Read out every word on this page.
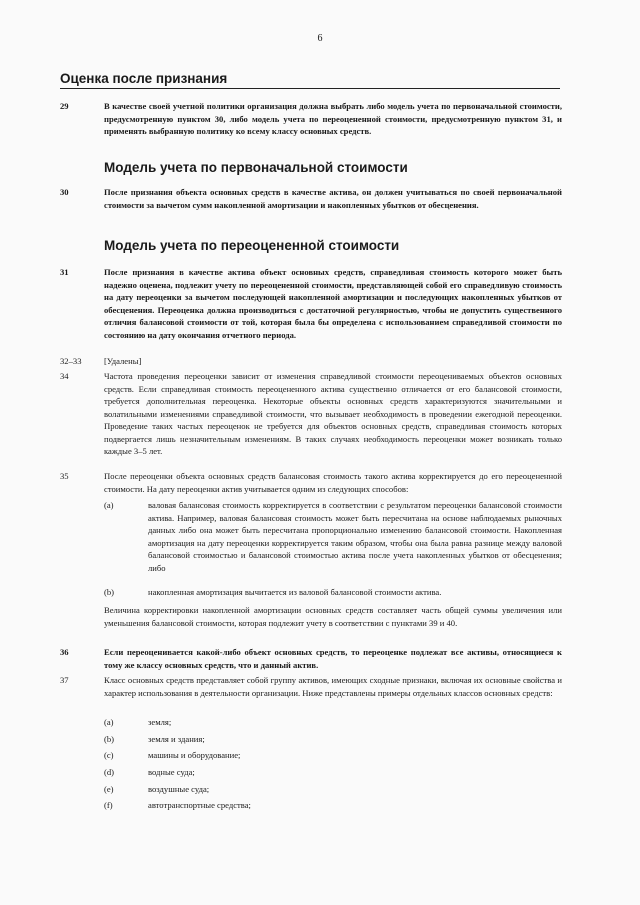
6
Оценка после признания
29	В качестве своей учетной политики организация должна выбрать либо модель учета по первоначальной стоимости, предусмотренную пунктом 30, либо модель учета по переоцененной стоимости, предусмотренную пунктом 31, и применять выбранную политику ко всему классу основных средств.
Модель учета по первоначальной стоимости
30	После признания объекта основных средств в качестве актива, он должен учитываться по своей первоначальной стоимости за вычетом сумм накопленной амортизации и накопленных убытков от обесценения.
Модель учета по переоцененной стоимости
31	После признания в качестве актива объект основных средств, справедливая стоимость которого может быть надежно оценена, подлежит учету по переоцененной стоимости, представляющей собой его справедливую стоимость на дату переоценки за вычетом последующей накопленной амортизации и последующих накопленных убытков от обесценения. Переоценка должна производиться с достаточной регулярностью, чтобы не допустить существенного отличия балансовой стоимости от той, которая была бы определена с использованием справедливой стоимости по состоянию на дату окончания отчетного периода.
32–33	[Удалены]
34	Частота проведения переоценки зависит от изменения справедливой стоимости переоцениваемых объектов основных средств. Если справедливая стоимость переоцененного актива существенно отличается от его балансовой стоимости, требуется дополнительная переоценка. Некоторые объекты основных средств характеризуются значительными и волатильными изменениями справедливой стоимости, что вызывает необходимость в проведении ежегодной переоценки. Проведение таких частых переоценок не требуется для объектов основных средств, справедливая стоимость которых подвергается лишь незначительным изменениям. В таких случаях необходимость переоценки может возникать только каждые 3–5 лет.
35	После переоценки объекта основных средств балансовая стоимость такого актива корректируется до его переоцененной стоимости. На дату переоценки актив учитывается одним из следующих способов:
(a)	валовая балансовая стоимость корректируется в соответствии с результатом переоценки балансовой стоимости актива. Например, валовая балансовая стоимость может быть пересчитана на основе наблюдаемых рыночных данных либо она может быть пересчитана пропорционально изменению балансовой стоимости. Накопленная амортизация на дату переоценки корректируется таким образом, чтобы она была равна разнице между валовой балансовой стоимостью и балансовой стоимостью актива после учета накопленных убытков от обесценения; либо
(b)	накопленная амортизация вычитается из валовой балансовой стоимости актива.
Величина корректировки накопленной амортизации основных средств составляет часть общей суммы увеличения или уменьшения балансовой стоимости, которая подлежит учету в соответствии с пунктами 39 и 40.
36	Если переоценивается какой-либо объект основных средств, то переоценке подлежат все активы, относящиеся к тому же классу основных средств, что и данный актив.
37	Класс основных средств представляет собой группу активов, имеющих сходные признаки, включая их основные свойства и характер использования в деятельности организации. Ниже представлены примеры отдельных классов основных средств:
(a)	земля;
(b)	земля и здания;
(c)	машины и оборудование;
(d)	водные суда;
(e)	воздушные суда;
(f)	автотранспортные средства;
